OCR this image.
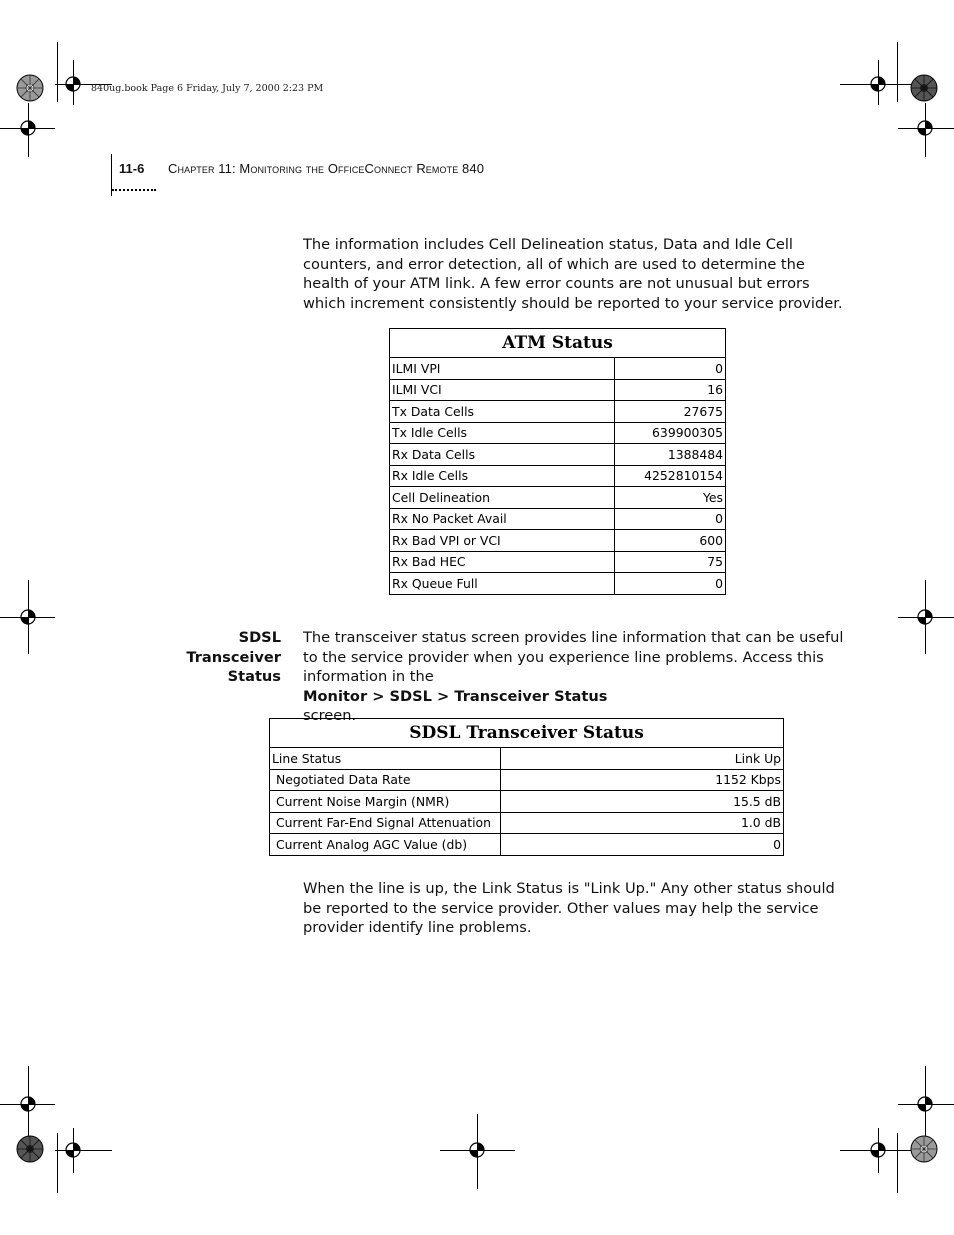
840ug.book Page 6 Friday, July 7, 2000 2:23 PM
11-6 Chapter 11: Monitoring the OfficeConnect Remote 840
The information includes Cell Delineation status, Data and Idle Cell
counters, and error detection, all of which are used to determine the
health of your ATM link. A few error counts are not unusual but errors
which increment consistently should be reported to your service provider.
ATM Status	
ILMI VPI	0
ILMI VCI	16
Tx Data Cells	27675
Tx Idle Cells	639900305
Rx Data Cells	1388484
Rx Idle Cells	4252810154
Cell Delineation	Yes
Rx No Packet Avail	0
Rx Bad VPI or VCI	600
Rx Bad HEC	75
Rx Queue Full	0
SDSL Transceiver
Status
The transceiver status screen provides line information that can be useful
to the service provider when you experience line problems. Access this
information in the
Monitor > SDSL > Transceiver Status
screen.
SDSL Transceiver Status	
Line Status	Link Up
Negotiated Data Rate	1152 Kbps
Current Noise Margin (NMR)	15.5 dB
Current Far-End Signal Attenuation	1.0 dB
Current Analog AGC Value (db)	0
When the line is up, the Link Status is "Link Up." Any other status should
be reported to the service provider. Other values may help the service
provider identify line problems.
